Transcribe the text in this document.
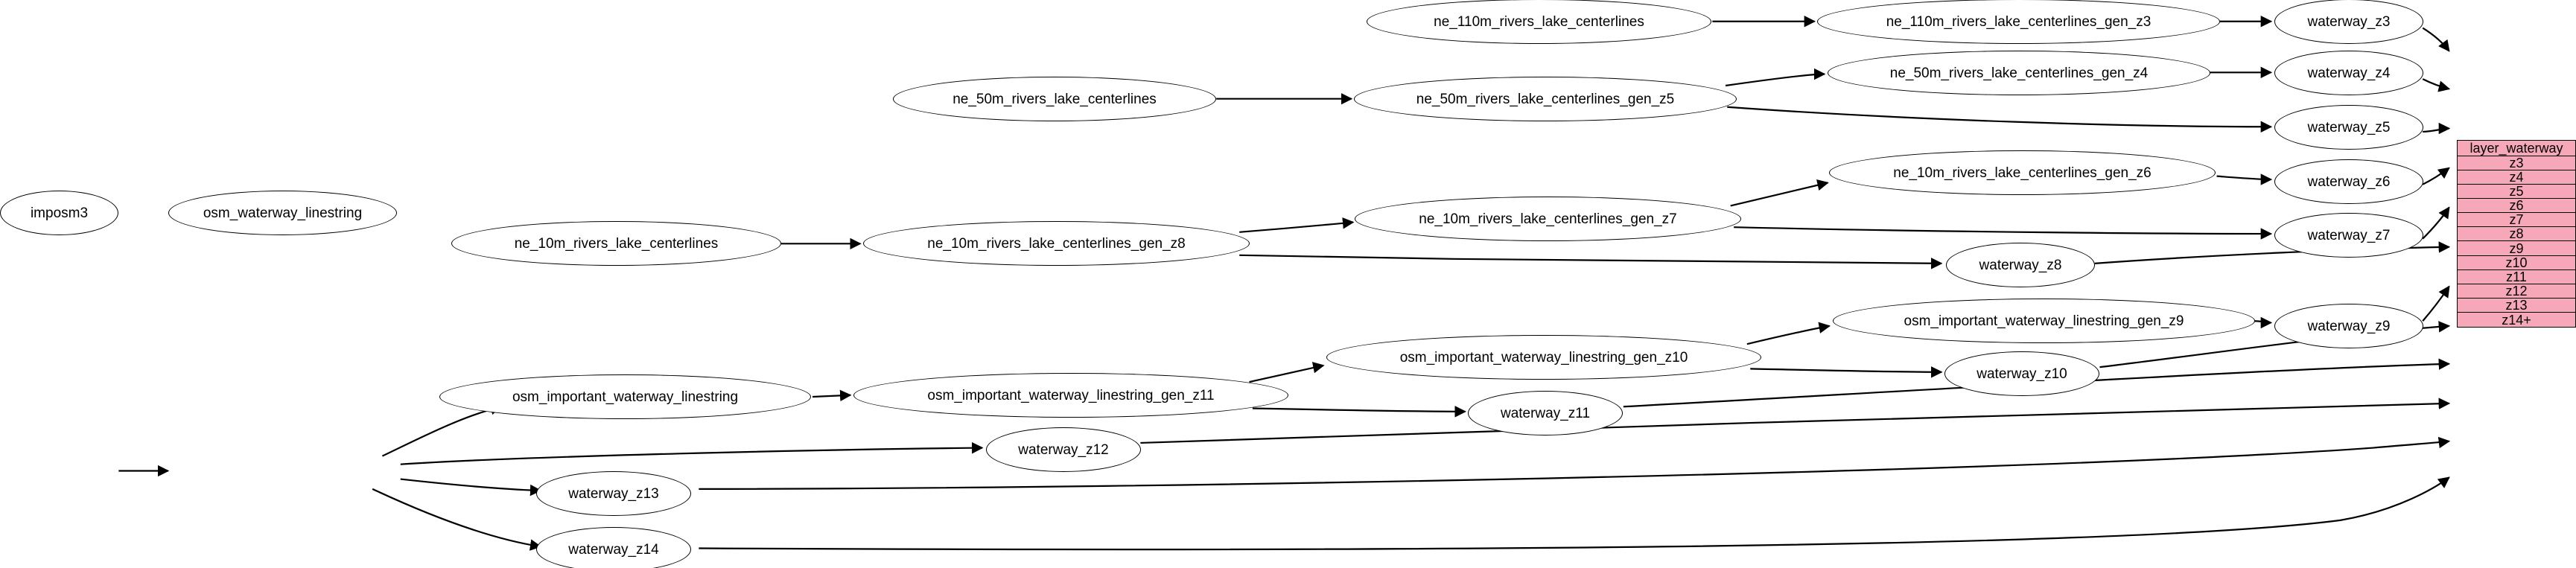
imposm3	osm_waterway_linestring
osm_important_waterway_linestring	osm_important_waterway_linestring_gen_z11
osm_important_waterway_linestring_gen_z10
osm_important_waterway_linestring_gen_z9
ne_110m_rivers_lake_centerlines	ne_110m_rivers_lake_centerlines_gen_z3
ne_50m_rivers_lake_centerlines	ne_50m_rivers_lake_centerlines_gen_z5
ne_50m_rivers_lake_centerlines_gen_z4
ne_10m_rivers_lake_centerlines	ne_10m_rivers_lake_centerlines_gen_z8
ne_10m_rivers_lake_centerlines_gen_z7
ne_10m_rivers_lake_centerlines_gen_z6
waterway_z3
waterway_z4
waterway_z5
waterway_z6
waterway_z7
waterway_z8
waterway_z9
waterway_z10
waterway_z11
waterway_z12
waterway_z13
waterway_z14
layer_waterway
z3
z4
z5
z6
z7
z8
z9
z10
z11
z12
z13
z14+
